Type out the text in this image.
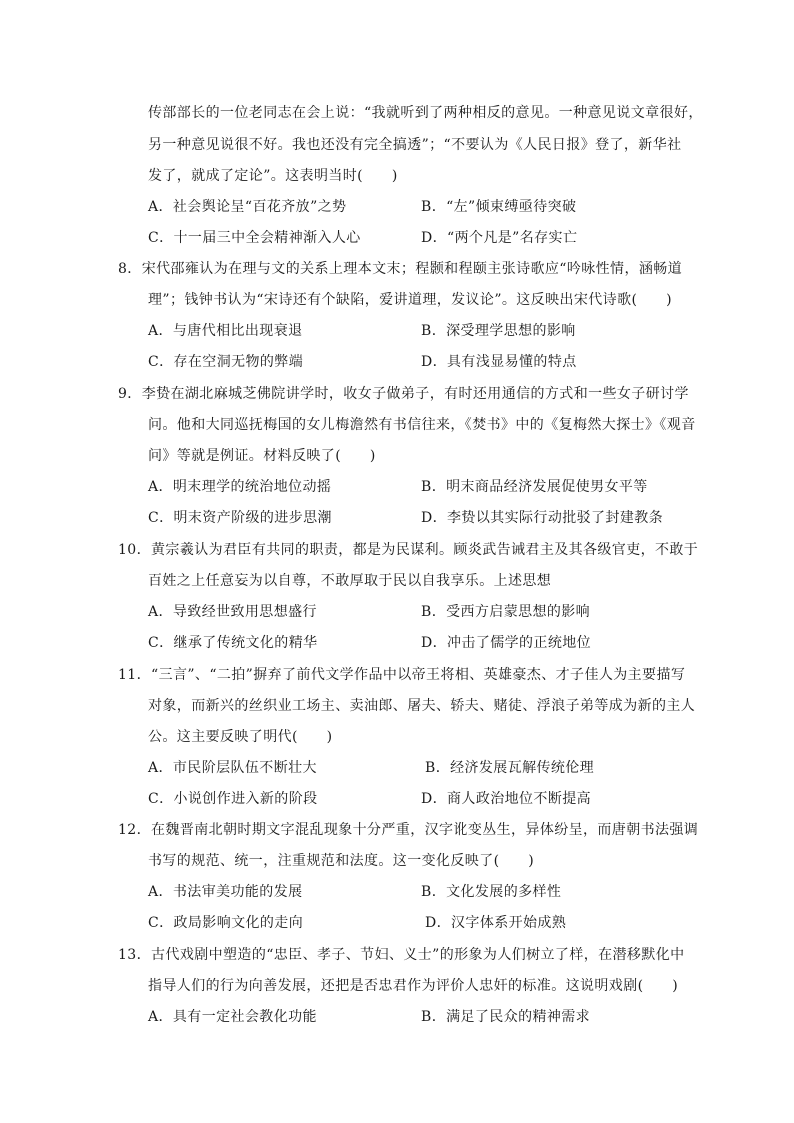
传部部长的一位老同志在会上说：“我就听到了两种相反的意见。一种意见说文章很好，
另一种意见说很不好。我也还没有完全搞透”；“不要认为《人民日报》登了，新华社
发了，就成了定论”。这表明当时(　　)
A．社会舆论呈“百花齐放”之势	B．“左”倾束缚亟待突破
C．十一届三中全会精神渐入人心	D．“两个凡是”名存实亡
8．宋代邵雍认为在理与文的关系上理本文末；程颢和程颐主张诗歌应“吟咏性情，涵畅道
理”；钱钟书认为“宋诗还有个缺陷，爱讲道理，发议论”。这反映出宋代诗歌(　　)
A．与唐代相比出现衰退	B．深受理学思想的影响
C．存在空洞无物的弊端	D．具有浅显易懂的特点
9．李贽在湖北麻城芝佛院讲学时，收女子做弟子，有时还用通信的方式和一些女子研讨学
问。他和大同巡抚梅国的女儿梅澹然有书信往来，《焚书》中的《复梅然大探士》《观音
问》等就是例证。材料反映了(　　)
A．明末理学的统治地位动摇	B．明末商品经济发展促使男女平等
C．明末资产阶级的进步思潮	D．李贽以其实际行动批驳了封建教条
10．黄宗羲认为君臣有共同的职责，都是为民谋利。顾炎武告诫君主及其各级官吏，不敢于
百姓之上任意妄为以自尊，不敢厚取于民以自我享乐。上述思想
A．导致经世致用思想盛行	B．受西方启蒙思想的影响
C．继承了传统文化的精华	D．冲击了儒学的正统地位
11．“三言”、“二拍”摒弃了前代文学作品中以帝王将相、英雄豪杰、才子佳人为主要描写
对象，而新兴的丝织业工场主、卖油郎、屠夫、轿夫、赌徒、浮浪子弟等成为新的主人
公。这主要反映了明代(　　)
A．市民阶层队伍不断壮大	B．经济发展瓦解传统伦理
C．小说创作进入新的阶段	D．商人政治地位不断提高
12．在魏晋南北朝时期文字混乱现象十分严重，汉字讹变丛生，异体纷呈，而唐朝书法强调
书写的规范、统一，注重规范和法度。这一变化反映了(　　)
A．书法审美功能的发展	B．文化发展的多样性
C．政局影响文化的走向	D．汉字体系开始成熟
13．古代戏剧中塑造的“忠臣、孝子、节妇、义士”的形象为人们树立了样，在潜移默化中
指导人们的行为向善发展，还把是否忠君作为评价人忠奸的标准。这说明戏剧(　　)
A．具有一定社会教化功能	B．满足了民众的精神需求
